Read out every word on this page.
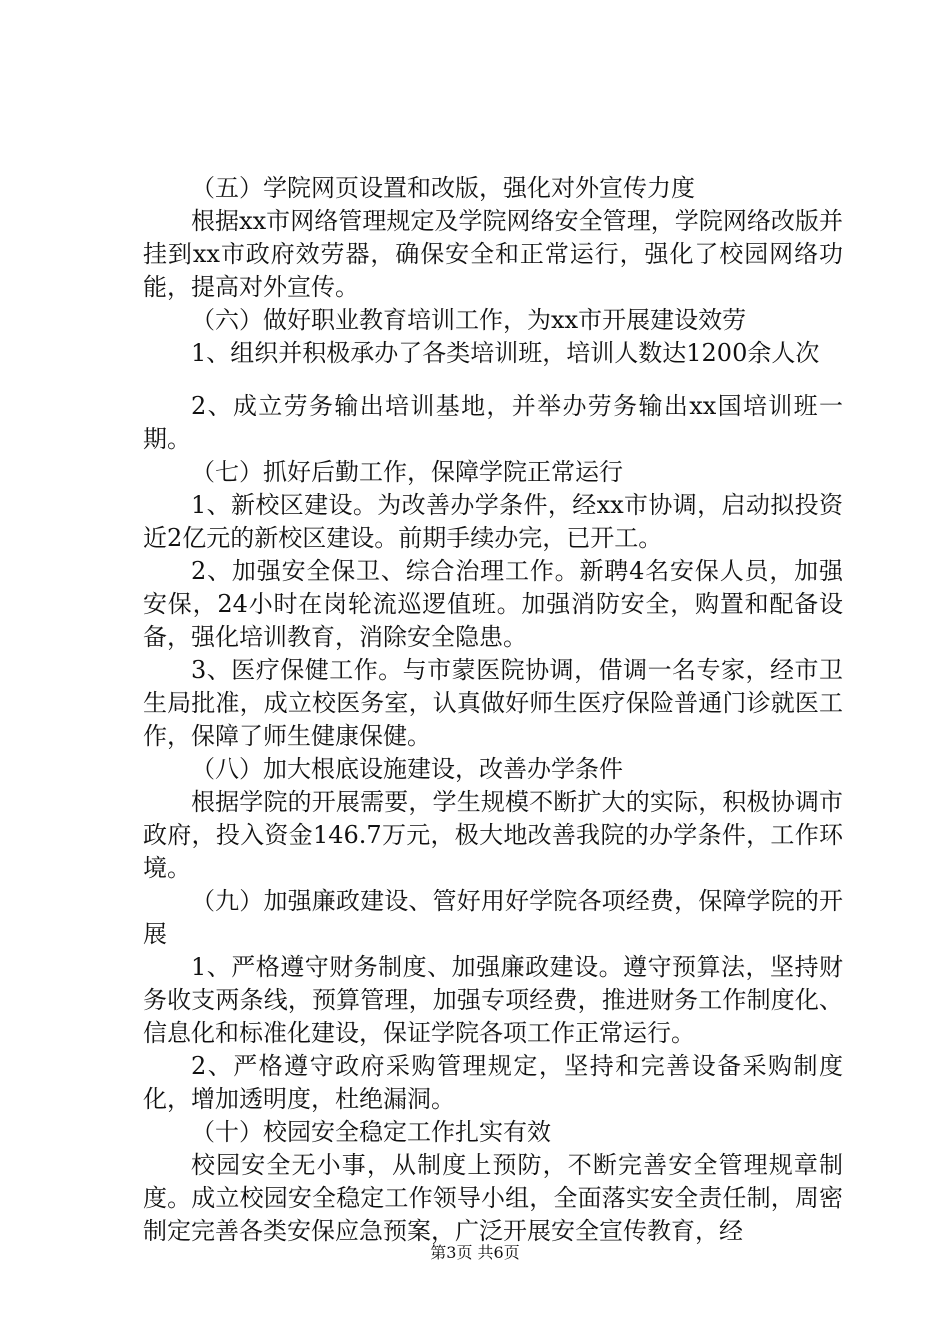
（五）学院网页设置和改版，强化对外宣传力度

根据xx市网络管理规定及学院网络安全管理，学院网络改版并挂到xx市政府效劳器，确保安全和正常运行，强化了校园网络功能，提高对外宣传。

（六）做好职业教育培训工作，为xx市开展建设效劳

1、组织并积极承办了各类培训班，培训人数达1200余人次

2、成立劳务输出培训基地，并举办劳务输出xx国培训班一期。

（七）抓好后勤工作，保障学院正常运行

1、新校区建设。为改善办学条件，经xx市协调，启动拟投资近2亿元的新校区建设。前期手续办完，已开工。

2、加强安全保卫、综合治理工作。新聘4名安保人员，加强安保，24小时在岗轮流巡逻值班。加强消防安全，购置和配备设备，强化培训教育，消除安全隐患。

3、医疗保健工作。与市蒙医院协调，借调一名专家，经市卫生局批准，成立校医务室，认真做好师生医疗保险普通门诊就医工作，保障了师生健康保健。

（八）加大根底设施建设，改善办学条件

根据学院的开展需要，学生规模不断扩大的实际，积极协调市政府，投入资金146.7万元，极大地改善我院的办学条件，工作环境。

（九）加强廉政建设、管好用好学院各项经费，保障学院的开展

1、严格遵守财务制度、加强廉政建设。遵守预算法，坚持财务收支两条线，预算管理，加强专项经费，推进财务工作制度化、信息化和标准化建设，保证学院各项工作正常运行。

2、严格遵守政府采购管理规定，坚持和完善设备采购制度化，增加透明度，杜绝漏洞。

（十）校园安全稳定工作扎实有效

校园安全无小事，从制度上预防，不断完善安全管理规章制度。成立校园安全稳定工作领导小组，全面落实安全责任制，周密制定完善各类安保应急预案，广泛开展安全宣传教育，经

第3页 共6页
